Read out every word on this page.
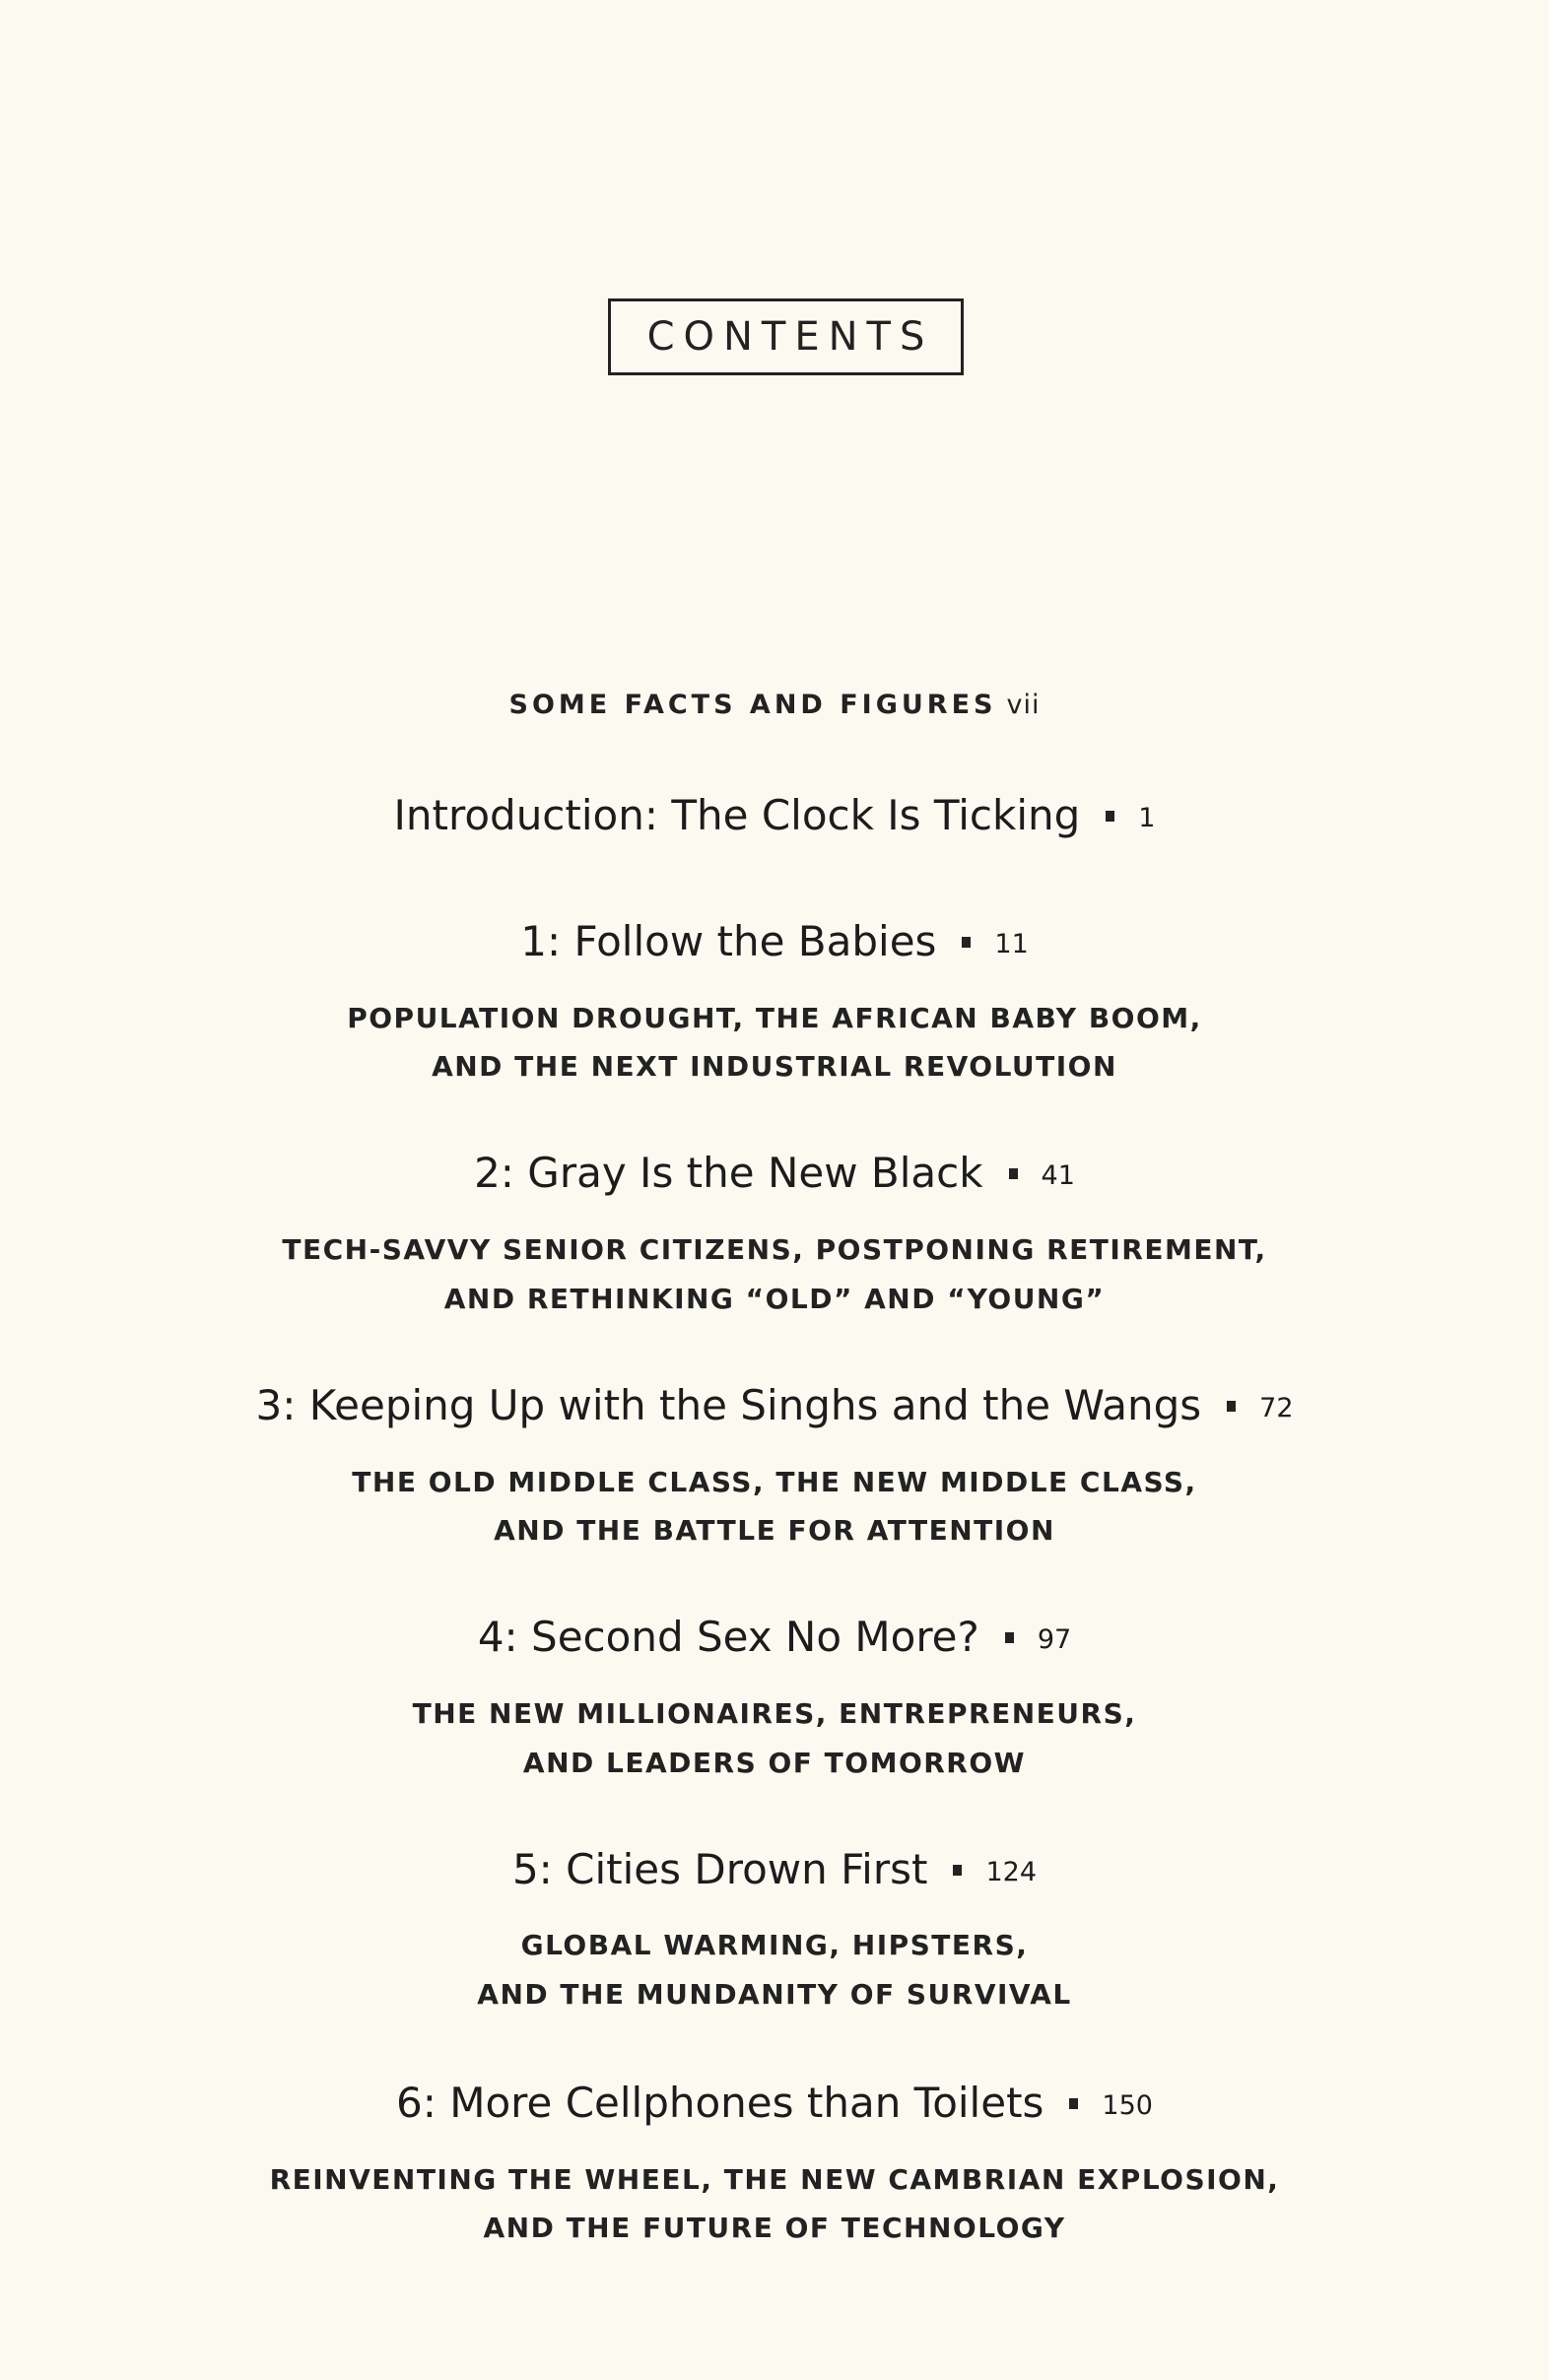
CONTENTS
SOME FACTS AND FIGURES vii
Introduction: The Clock Is Ticking 1
1: Follow the Babies 11
POPULATION DROUGHT, THE AFRICAN BABY BOOM,
AND THE NEXT INDUSTRIAL REVOLUTION
2: Gray Is the New Black 41
TECH-SAVVY SENIOR CITIZENS, POSTPONING RETIREMENT,
AND RETHINKING “OLD” AND “YOUNG”
3: Keeping Up with the Singhs and the Wangs 72
THE OLD MIDDLE CLASS, THE NEW MIDDLE CLASS,
AND THE BATTLE FOR ATTENTION
4: Second Sex No More? 97
THE NEW MILLIONAIRES, ENTREPRENEURS,
AND LEADERS OF TOMORROW
5: Cities Drown First 124
GLOBAL WARMING, HIPSTERS,
AND THE MUNDANITY OF SURVIVAL
6: More Cellphones than Toilets 150
REINVENTING THE WHEEL, THE NEW CAMBRIAN EXPLOSION,
AND THE FUTURE OF TECHNOLOGY
